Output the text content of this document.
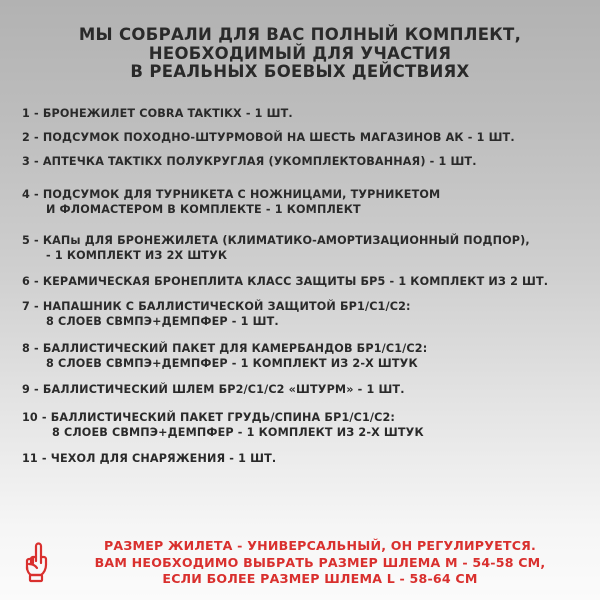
МЫ СОБРАЛИ ДЛЯ ВАС ПОЛНЫЙ КОМПЛЕКТ,
НЕОБХОДИМЫЙ ДЛЯ УЧАСТИЯ
В РЕАЛЬНЫХ БОЕВЫХ ДЕЙСТВИЯХ
1 - БРОНЕЖИЛЕТ COBRA TAKTIKX - 1 ШТ.
2 - ПОДСУМОК ПОХОДНО-ШТУРМОВОЙ НА ШЕСТЬ МАГАЗИНОВ АК - 1 ШТ.
3 - АПТЕЧКА TAKTIKX ПОЛУКРУГЛАЯ (УКОМПЛЕКТОВАННАЯ) - 1 ШТ.
4 - ПОДСУМОК ДЛЯ ТУРНИКЕТА С НОЖНИЦАМИ, ТУРНИКЕТОМ
И ФЛОМАСТЕРОМ В КОМПЛЕКТЕ - 1 КОМПЛЕКТ
5 - КАПы ДЛЯ БРОНЕЖИЛЕТА (КЛИМАТИКО-АМОРТИЗАЦИОННЫЙ ПОДПОР),
- 1 КОМПЛЕКТ ИЗ 2Х ШТУК
6 - КЕРАМИЧЕСКАЯ БРОНЕПЛИТА КЛАСС ЗАЩИТЫ БР5 - 1 КОМПЛЕКТ ИЗ 2 ШТ.
7 - НАПАШНИК С БАЛЛИСТИЧЕСКОЙ ЗАЩИТОЙ БР1/С1/С2:
8 СЛОЕВ СВМПЭ+ДЕМПФЕР - 1 ШТ.
8 - БАЛЛИСТИЧЕСКИЙ ПАКЕТ ДЛЯ КАМЕРБАНДОВ БР1/С1/С2:
8 СЛОЕВ СВМПЭ+ДЕМПФЕР - 1 КОМПЛЕКТ ИЗ 2-Х ШТУК
9 - БАЛЛИСТИЧЕСКИЙ ШЛЕМ БР2/С1/С2 «ШТУРМ» - 1 ШТ.
10 - БАЛЛИСТИЧЕСКИЙ ПАКЕТ ГРУДЬ/СПИНА БР1/С1/С2:
8 СЛОЕВ СВМПЭ+ДЕМПФЕР - 1 КОМПЛЕКТ ИЗ 2-Х ШТУК
11 - ЧЕХОЛ ДЛЯ СНАРЯЖЕНИЯ - 1 ШТ.
РАЗМЕР ЖИЛЕТА - УНИВЕРСАЛЬНЫЙ, ОН РЕГУЛИРУЕТСЯ.
ВАМ НЕОБХОДИМО ВЫБРАТЬ РАЗМЕР ШЛЕМА M - 54-58 СМ,
ЕСЛИ БОЛЕЕ РАЗМЕР ШЛЕМА L - 58-64 СМ
